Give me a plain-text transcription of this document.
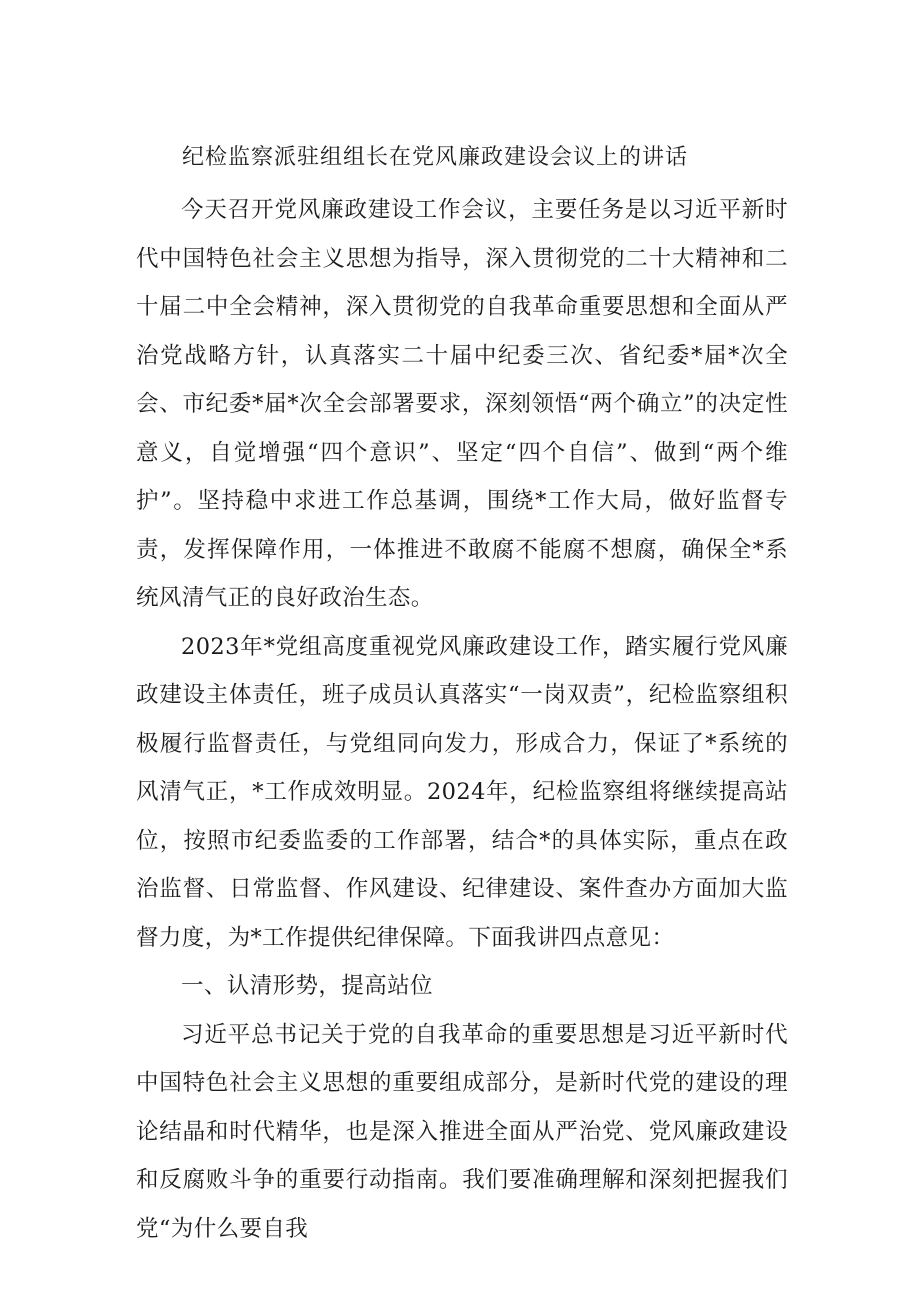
纪检监察派驻组组长在党风廉政建设会议上的讲话

今天召开党风廉政建设工作会议，主要任务是以习近平新时代中国特色社会主义思想为指导，深入贯彻党的二十大精神和二十届二中全会精神，深入贯彻党的自我革命重要思想和全面从严治党战略方针，认真落实二十届中纪委三次、省纪委*届*次全会、市纪委*届*次全会部署要求，深刻领悟“两个确立”的决定性意义，自觉增强“四个意识”、坚定“四个自信”、做到“两个维护”。坚持稳中求进工作总基调，围绕*工作大局，做好监督专责，发挥保障作用，一体推进不敢腐不能腐不想腐，确保全*系统风清气正的良好政治生态。

2023年*党组高度重视党风廉政建设工作，踏实履行党风廉政建设主体责任，班子成员认真落实“一岗双责”，纪检监察组积极履行监督责任，与党组同向发力，形成合力，保证了*系统的风清气正，*工作成效明显。2024年，纪检监察组将继续提高站位，按照市纪委监委的工作部署，结合*的具体实际，重点在政治监督、日常监督、作风建设、纪律建设、案件查办方面加大监督力度，为*工作提供纪律保障。下面我讲四点意见：

一、认清形势，提高站位

习近平总书记关于党的自我革命的重要思想是习近平新时代中国特色社会主义思想的重要组成部分，是新时代党的建设的理论结晶和时代精华，也是深入推进全面从严治党、党风廉政建设和反腐败斗争的重要行动指南。我们要准确理解和深刻把握我们党“为什么要自我
